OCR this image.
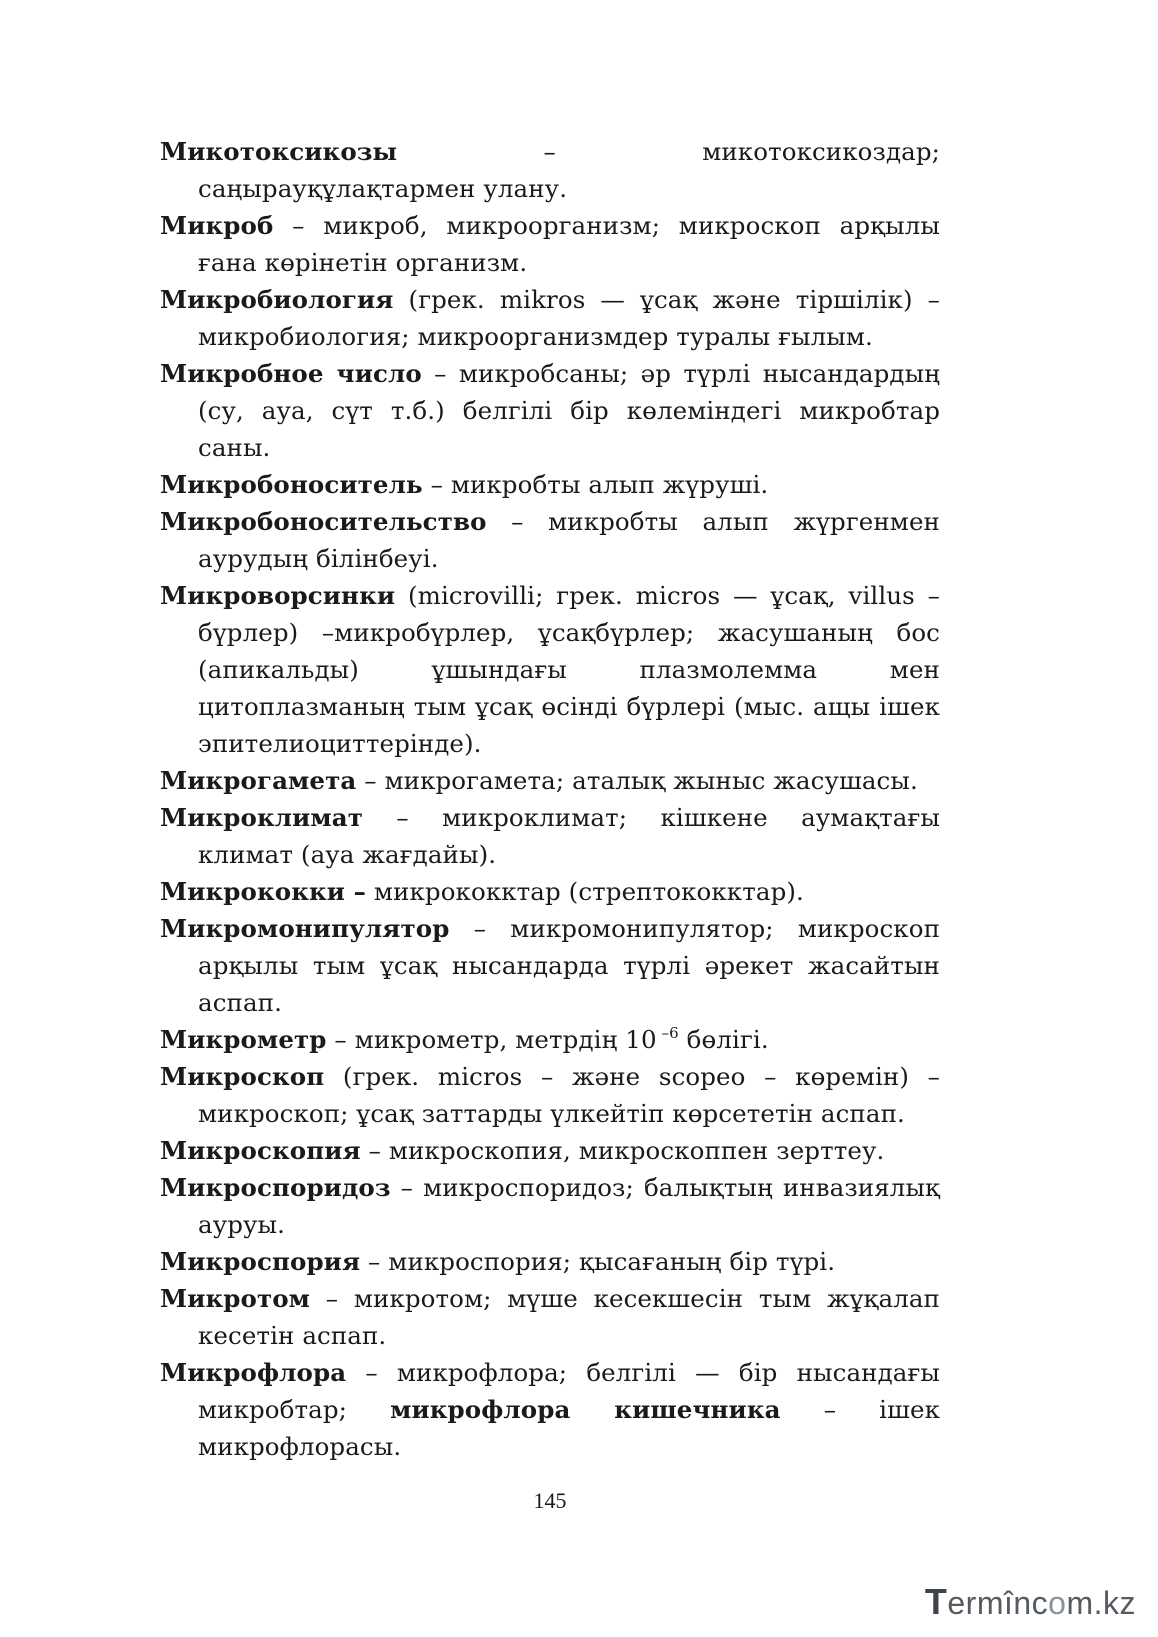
Микотоксикозы – микотоксикоздар; саңырауқұлақтармен улану.

Микроб – микроб, микроорганизм; микроскоп арқылы ғана көрінетін организм.

Микробиология (грек. mikros — ұсақ және тіршілік) – микробиология; микроорганизмдер туралы ғылым.

Микробное число – микробсаны; әр түрлі нысандардың (су, ауа, сүт т.б.) белгілі бір көлеміндегі микробтар саны.

Микробоноситель – микробты алып жүруші.

Микробоносительство – микробты алып жүргенмен аурудың білінбеуі.

Микроворсинки (microvilli; грек. micros — ұсақ, villus – бүрлер) –микробүрлер, ұсақбүрлер; жасушаның бос (апикальды) ұшындағы плазмолемма мен цитоплазманың тым ұсақ өсінді бүрлері (мыс. ащы ішек эпителиоциттерінде).

Микрогамета – микрогамета; аталық жыныс жасушасы.

Микроклимат – микроклимат; кішкене аумақтағы климат (ауа жағдайы).

Микрококки – микрококктар (стрептококктар).

Микромонипулятор – микромонипулятор; микроскоп арқылы тым ұсақ нысандарда түрлі әрекет жасайтын аспап.

Микрометр – микрометр, метрдің 10 $^{-6}$ бөлігі.

Микроскоп (грек. micros – және scopeo – көремін) – микроскоп; ұсақ заттарды үлкейтіп көрсететін аспап.

Микроскопия – микроскопия, микроскоппен зерттеу.

Микроспоридоз – микроспоридоз; балықтың инвазиялық ауруы.

Микроспория – микроспория; қысағаның бір түрі.

Микротом – микротом; мүше кесекшесін тым жұқалап кесетін аспап.

Микрофлора – микрофлора; белгілі — бір нысандағы микробтар; микрофлора кишечника – ішек микрофлорасы.

145
Termîncom.kz
